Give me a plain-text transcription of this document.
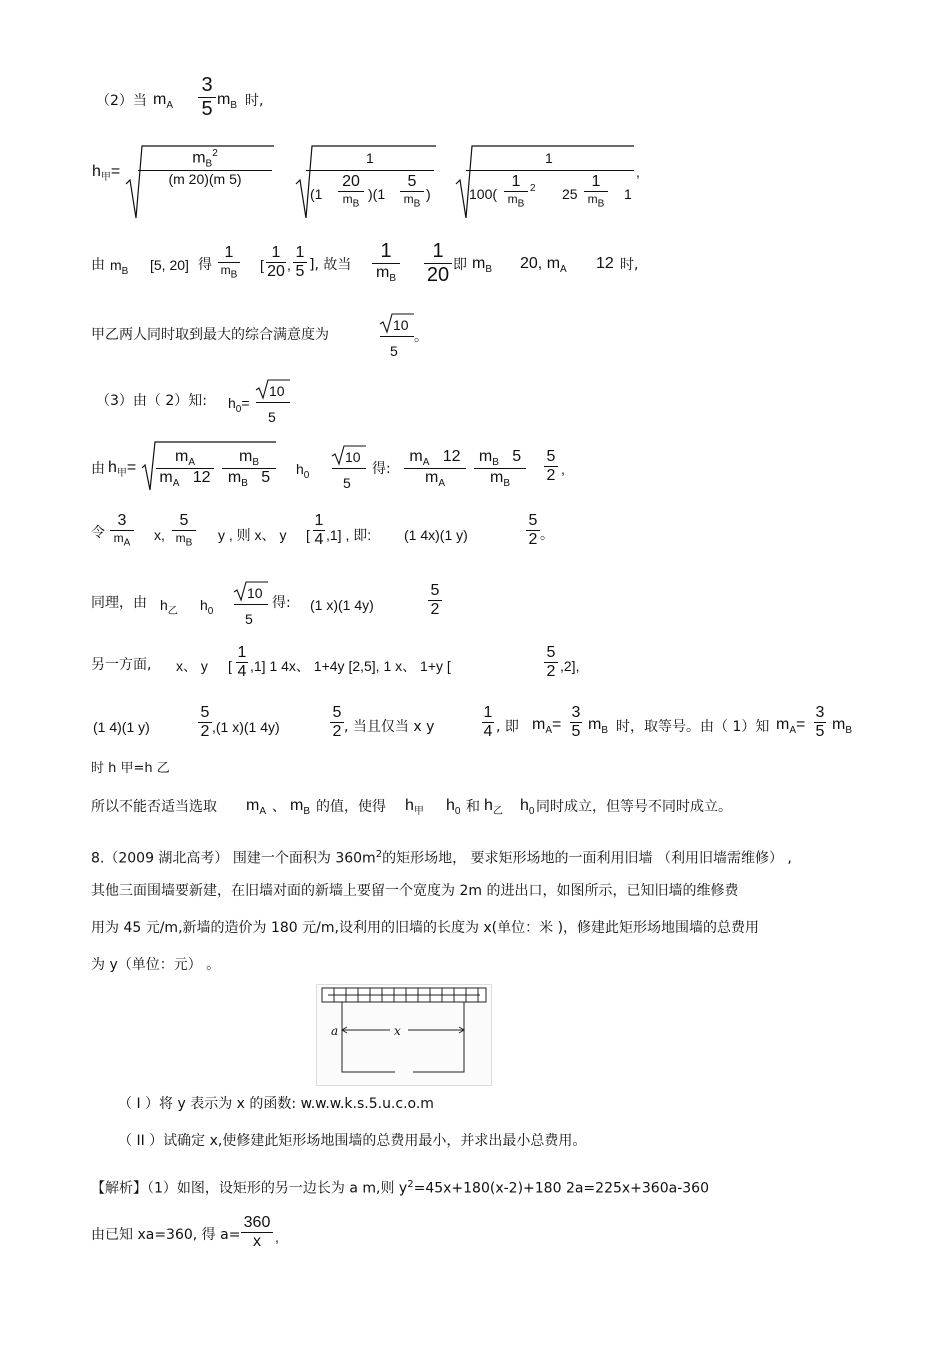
（2）当 $m_A$
3
5 $m_B$ 时,
$h_甲=$
$m_B^2$
(m 20)(m 5)
1
(1
20
$m_B$
)(1
5
$m_B$
)
1
100(
1
$m_B$
2 25
1
$m_B$
1
,
由 $m_B$ [5, 20] 得
1
$m_B$
[
1
20 ,
1
5 ], 故当
1
$m_B$
1
20 即 $m_B$ 20, $m_A$ 12 时,
甲乙两人同时取到最大的综合满意度为
10
5
。
（3）由（ 2）知: $h_0=$
10
5
由 $h_甲=$
$m_A$
$m_A$ 12
$m_B$
$m_B$ 5
$h_0$
10
5
得:
$m_A$ 12
$m_A$
$m_B$ 5
$m_B$
5
2 ,
令
3
$m_A$ x,
5
$m_B$ y , 则 x、 y [
1
4 ,1] , 即: (1 4x)(1 y)
5
2 。
同理，由 $h_乙$ $h_0$
10
5
得: (1 x)(1 4y)
5
2
另一方面, x、 y [
1
4 ,1] 1 4x、 1+4y [2,5], 1 x、 1+y [
5
2 ,2],
(1 4)(1 y)
5
2 ,(1 x)(1 4y)
5
2 , 当且仅当 x y
1
4 , 即 $m_A=$
3
5 $m_B$ 时，取等号。由（ 1）知 $m_A=$
3
5 $m_B$
时 h 甲=h 乙
所以不能否适当选取 $m_A$ 、 $m_B$ 的值，使得 $h_甲$ $h_0$ 和 $h_乙$ $h_0$ 同时成立，但等号不同时成立。
8.（2009 湖北高考） 围建一个面积为 $360m^2$的矩形场地， 要求矩形场地的一面利用旧墙 （利用旧墙需维修） ,
其他三面围墙要新建，在旧墙对面的新墙上要留一个宽度为 2m 的进出口，如图所示，已知旧墙的维修费
用为 45 元/m,新墙的造价为 180 元/m,设利用的旧墙的长度为 x(单位：米 )，修建此矩形场地围墙的总费用
为 y（单位：元） 。
a	x
（ I ）将 y 表示为 x 的函数: w.w.w.k.s.5.u.c.o.m
（ II ）试确定 x,使修建此矩形场地围墙的总费用最小，并求出最小总费用。
【解析】（1）如图，设矩形的另一边长为 a m,则 $y^2=45x+180(x-2)+180$ 2a=225x+360a-360
由已知 xa=360, 得 a=
360
x	,
